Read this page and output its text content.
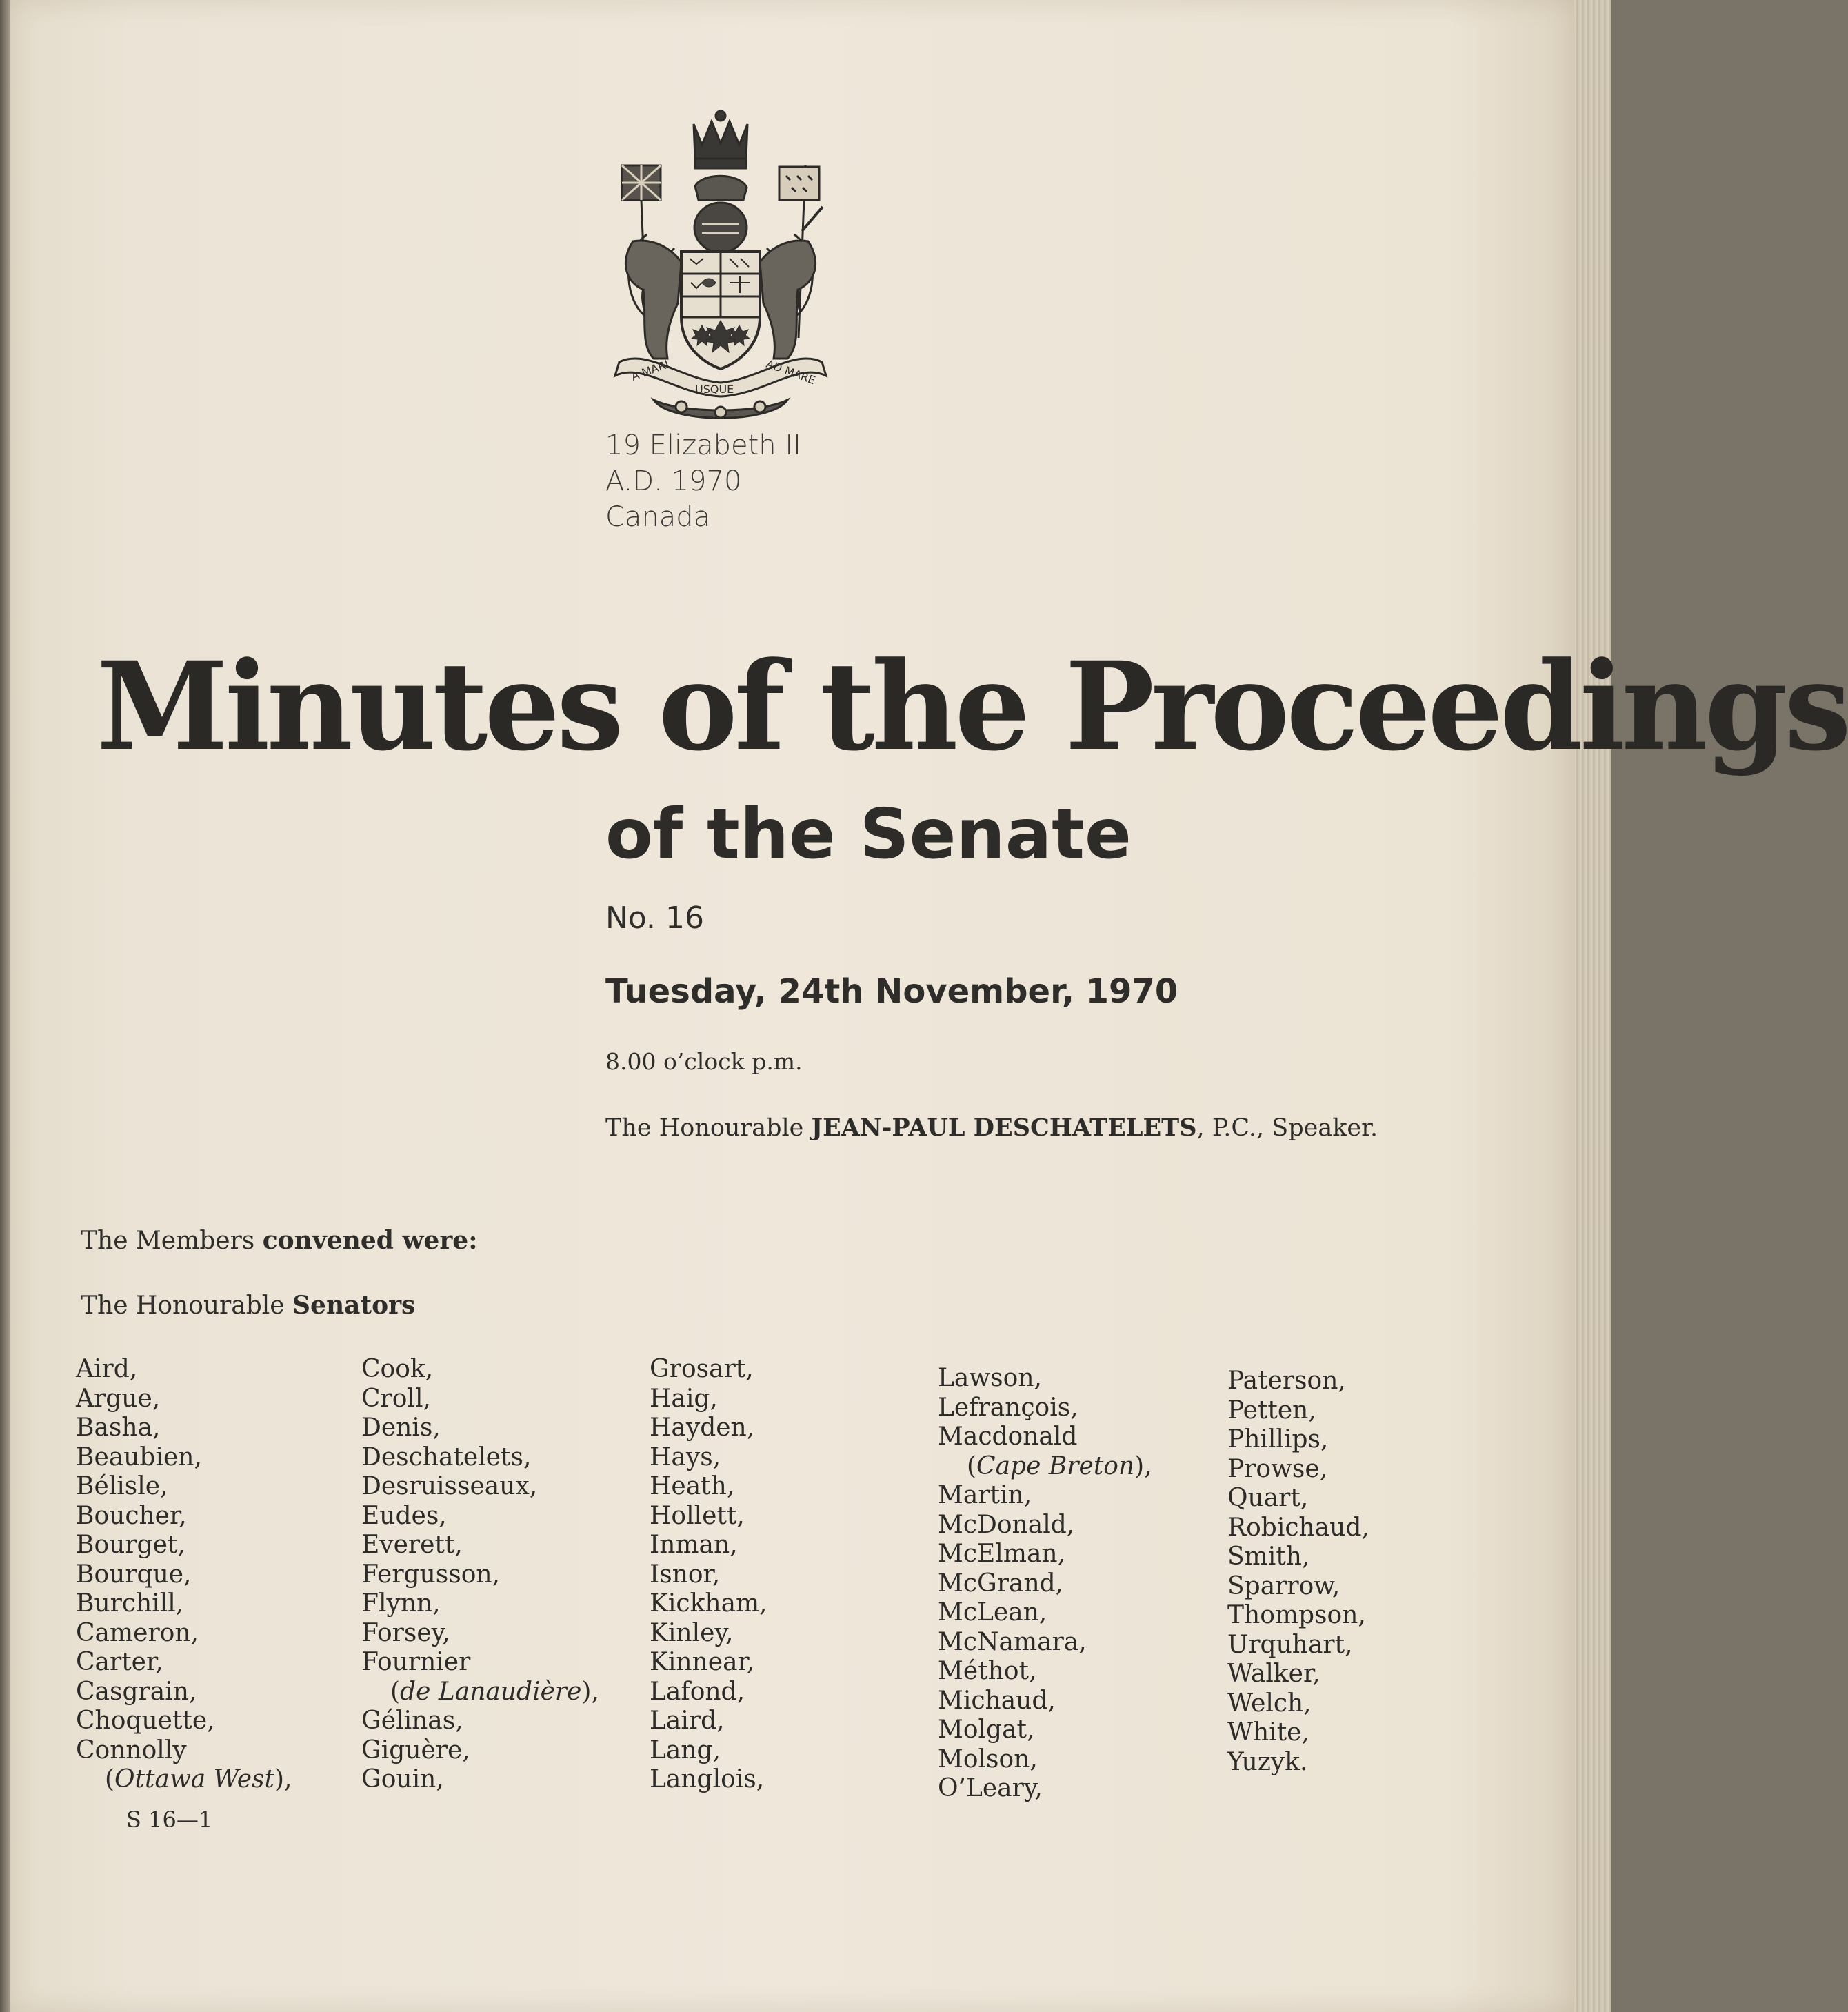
A MARI
USQUE
AD MARE
19 Elizabeth II
A.D. 1970
Canada
Minutes of the Proceedings
of the Senate
No. 16
Tuesday, 24th November, 1970
8.00 o’clock p.m.
The Honourable JEAN-PAUL DESCHATELETS, P.C., Speaker.
The Members convened were:
The Honourable Senators
Aird,
Argue,
Basha,
Beaubien,
Bélisle,
Boucher,
Bourget,
Bourque,
Burchill,
Cameron,
Carter,
Casgrain,
Choquette,
Connolly
(Ottawa West),
Cook,
Croll,
Denis,
Deschatelets,
Desruisseaux,
Eudes,
Everett,
Fergusson,
Flynn,
Forsey,
Fournier
(de Lanaudière),
Gélinas,
Giguère,
Gouin,
Grosart,
Haig,
Hayden,
Hays,
Heath,
Hollett,
Inman,
Isnor,
Kickham,
Kinley,
Kinnear,
Lafond,
Laird,
Lang,
Langlois,
Lawson,
Lefrançois,
Macdonald
(Cape Breton),
Martin,
McDonald,
McElman,
McGrand,
McLean,
McNamara,
Méthot,
Michaud,
Molgat,
Molson,
O’Leary,
Paterson,
Petten,
Phillips,
Prowse,
Quart,
Robichaud,
Smith,
Sparrow,
Thompson,
Urquhart,
Walker,
Welch,
White,
Yuzyk.
S 16—1
